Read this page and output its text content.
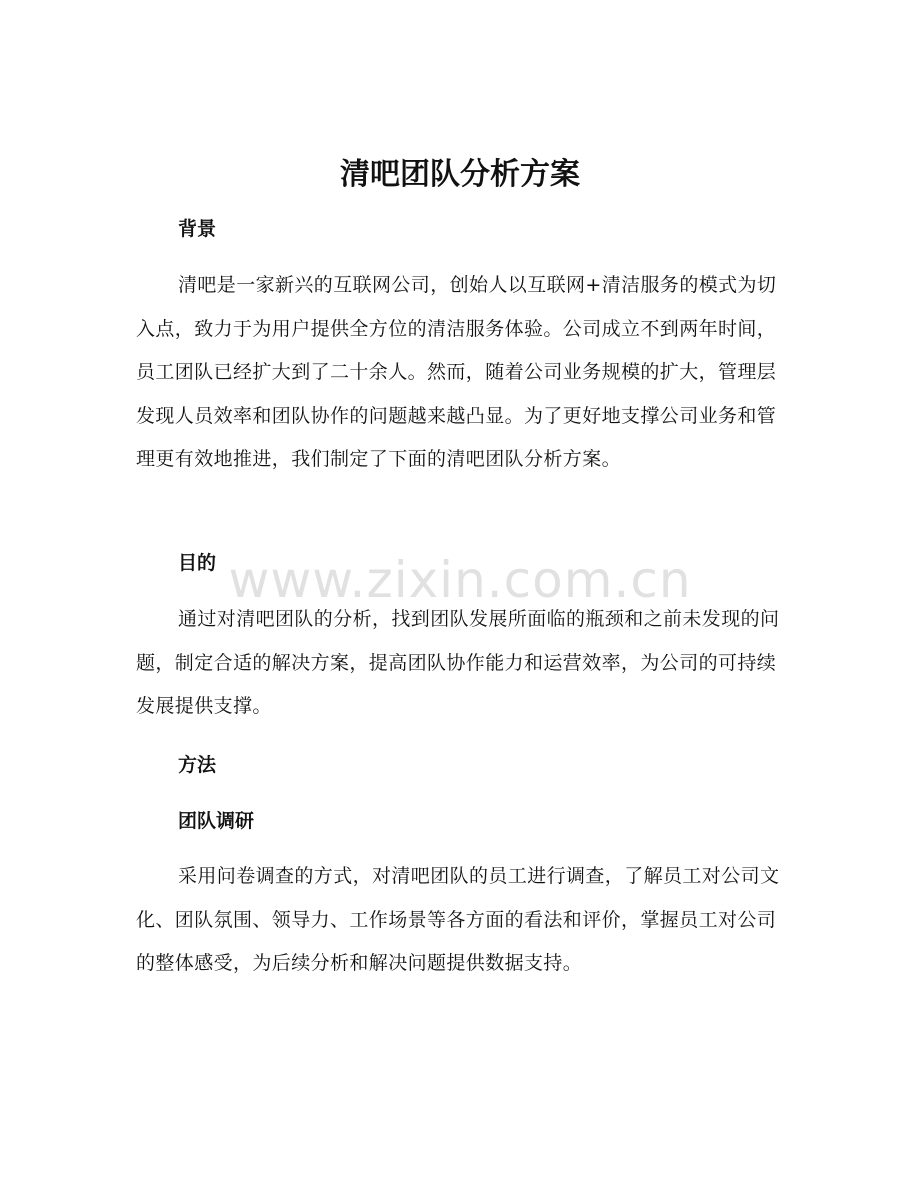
清吧团队分析方案
背景

清吧是一家新兴的互联网公司，创始人以互联网+清洁服务的模式为切入点，致力于为用户提供全方位的清洁服务体验。公司成立不到两年时间，员工团队已经扩大到了二十余人。然而，随着公司业务规模的扩大，管理层发现人员效率和团队协作的问题越来越凸显。为了更好地支撑公司业务和管理更有效地推进，我们制定了下面的清吧团队分析方案。

目的

通过对清吧团队的分析，找到团队发展所面临的瓶颈和之前未发现的问题，制定合适的解决方案，提高团队协作能力和运营效率，为公司的可持续发展提供支撑。

方法
团队调研

采用问卷调查的方式，对清吧团队的员工进行调查，了解员工对公司文化、团队氛围、领导力、工作场景等各方面的看法和评价，掌握员工对公司的整体感受，为后续分析和解决问题提供数据支持。

www.zixin.com.cn
